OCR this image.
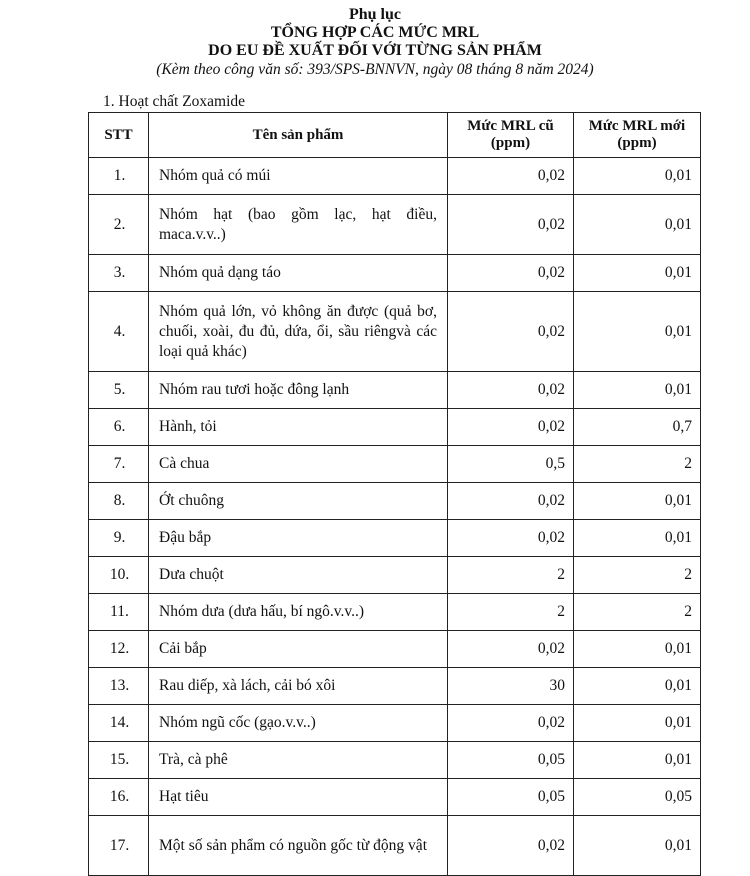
Phụ lục
TỔNG HỢP CÁC MỨC MRL
DO EU ĐỀ XUẤT ĐỐI VỚI TỪNG SẢN PHẨM
(Kèm theo công văn số: 393/SPS-BNNVN, ngày 08 tháng 8 năm 2024)
1. Hoạt chất Zoxamide
STT	Tên sản phẩm	Mức MRL cũ (ppm)	Mức MRL mới (ppm)
1.	Nhóm quả có múi	0,02	0,01
2.	Nhóm hạt (bao gồm lạc, hạt điều, maca.v.v..)	0,02	0,01
3.	Nhóm quả dạng táo	0,02	0,01
4.	Nhóm quả lớn, vỏ không ăn được (quả bơ, chuối, xoài, đu đủ, dứa, ổi, sầu riêngvà các loại quả khác)	0,02	0,01
5.	Nhóm rau tươi hoặc đông lạnh	0,02	0,01
6.	Hành, tỏi	0,02	0,7
7.	Cà chua	0,5	2
8.	Ớt chuông	0,02	0,01
9.	Đậu bắp	0,02	0,01
10.	Dưa chuột	2	2
11.	Nhóm dưa (dưa hấu, bí ngô.v.v..)	2	2
12.	Cải bắp	0,02	0,01
13.	Rau diếp, xà lách, cải bó xôi	30	0,01
14.	Nhóm ngũ cốc (gạo.v.v..)	0,02	0,01
15.	Trà, cà phê	0,05	0,01
16.	Hạt tiêu	0,05	0,05
17.	Một số sản phẩm có nguồn gốc từ động vật	0,02	0,01
